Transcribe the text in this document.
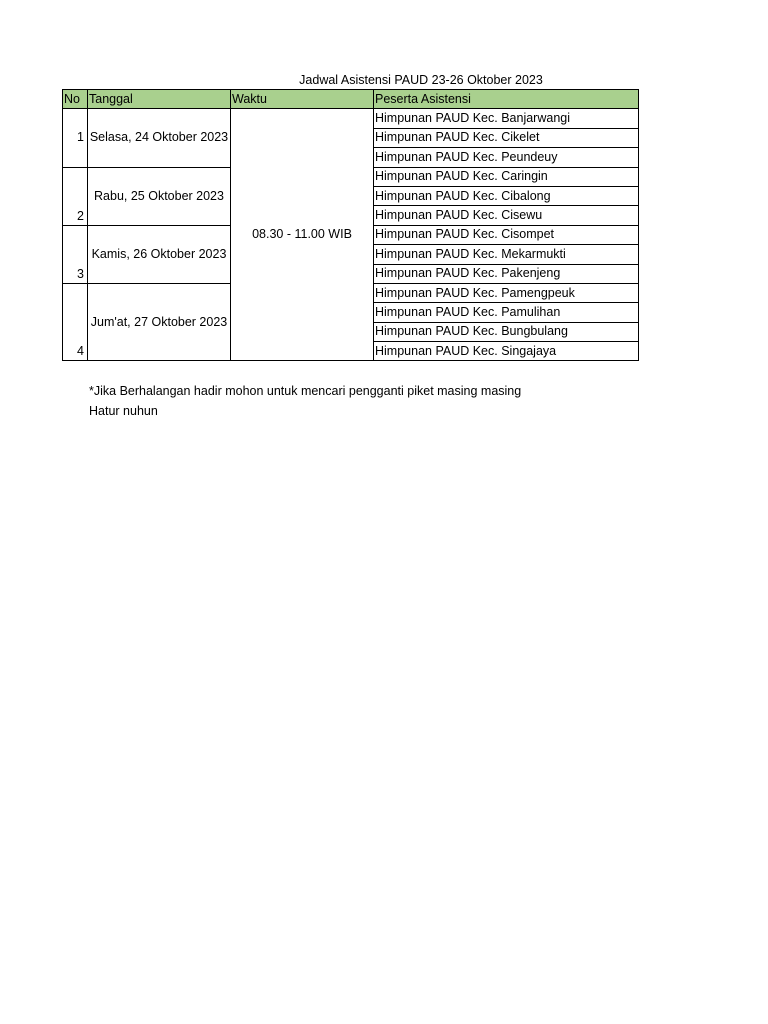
Jadwal Asistensi PAUD 23-26 Oktober 2023
No	Tanggal	Waktu	Peserta Asistensi
1	Selasa, 24 Oktober 2023	08.30 - 11.00 WIB	Himpunan PAUD Kec. Banjarwangi
			Himpunan PAUD Kec. Cikelet
			Himpunan PAUD Kec. Peundeuy
2	Rabu, 25 Oktober 2023		Himpunan PAUD Kec. Caringin
			Himpunan PAUD Kec. Cibalong
			Himpunan PAUD Kec. Cisewu
3	Kamis, 26 Oktober 2023		Himpunan PAUD Kec. Cisompet
			Himpunan PAUD Kec. Mekarmukti
			Himpunan PAUD Kec. Pakenjeng
4	Jum'at, 27 Oktober 2023		Himpunan PAUD Kec. Pamengpeuk
			Himpunan PAUD Kec. Pamulihan
			Himpunan PAUD Kec. Bungbulang
			Himpunan PAUD Kec. Singajaya
*Jika Berhalangan hadir mohon untuk mencari pengganti piket masing masing
Hatur nuhun
